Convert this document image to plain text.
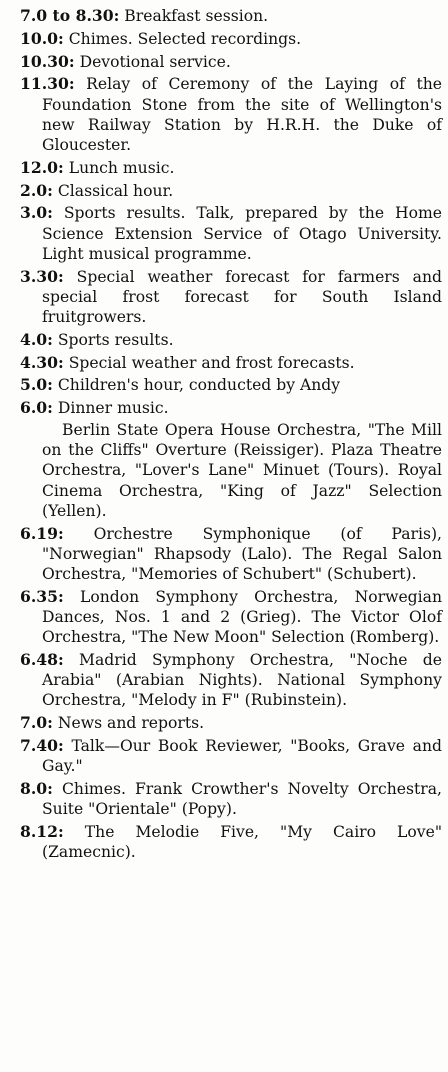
7.0 to 8.30: Breakfast session.

10.0: Chimes. Selected recordings.

10.30: Devotional service.

11.30: Relay of Ceremony of the Laying of the Foundation Stone from the site of Wellington's new Railway Station by H.R.H. the Duke of Gloucester.

12.0: Lunch music.

2.0: Classical hour.

3.0: Sports results. Talk, prepared by the Home Science Extension Service of Otago University. Light musical programme.

3.30: Special weather forecast for farmers and special frost forecast for South Island fruitgrowers.

4.0: Sports results.

4.30: Special weather and frost forecasts.

5.0: Children's hour, conducted by Andy

6.0: Dinner music.

Berlin State Opera House Orchestra, "The Mill on the Cliffs" Overture (Reissiger). Plaza Theatre Orchestra, "Lover's Lane" Minuet (Tours). Royal Cinema Orchestra, "King of Jazz" Selection (Yellen).

6.19: Orchestre Symphonique (of Paris), "Norwegian" Rhapsody (Lalo). The Regal Salon Orchestra, "Memories of Schubert" (Schubert).

6.35: London Symphony Orchestra, Norwegian Dances, Nos. 1 and 2 (Grieg). The Victor Olof Orchestra, "The New Moon" Selection (Romberg).

6.48: Madrid Symphony Orchestra, "Noche de Arabia" (Arabian Nights). National Symphony Orchestra, "Melody in F" (Rubinstein).

7.0: News and reports.

7.40: Talk—Our Book Reviewer, "Books, Grave and Gay."

8.0: Chimes. Frank Crowther's Novelty Orchestra, Suite "Orientale" (Popy).

8.12: The Melodie Five, "My Cairo Love" (Zamecnic).
